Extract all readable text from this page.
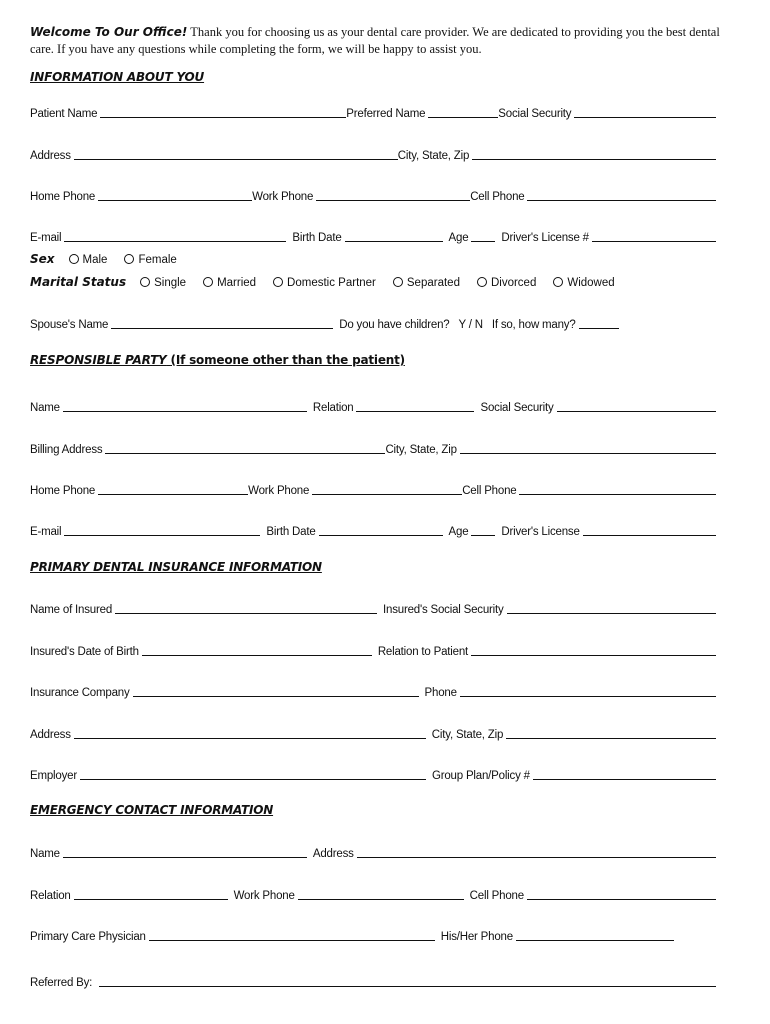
Welcome To Our Office! Thank you for choosing us as your dental care provider. We are dedicated to providing you the best dental care. If you have any questions while completing the form, we will be happy to assist you.
INFORMATION ABOUT YOU
Patient Name	Preferred Name	Social Security
Address	City, State, Zip
Home Phone	Work Phone	Cell Phone
E-mail	Birth Date	Age	Driver's License #
Sex	Male	Female
Marital Status	Single	Married	Domestic Partner	Separated	Divorced	Widowed
Spouse's Name	Do you have children? Y / N If so, how many?
RESPONSIBLE PARTY (If someone other than the patient)
Name	Relation	Social Security
Billing Address	City, State, Zip
Home Phone	Work Phone	Cell Phone
E-mail	Birth Date	Age	Driver's License
PRIMARY DENTAL INSURANCE INFORMATION
Name of Insured	Insured's Social Security
Insured's Date of Birth	Relation to Patient
Insurance Company	Phone
Address	City, State, Zip
Employer	Group Plan/Policy #
EMERGENCY CONTACT INFORMATION
Name	Address
Relation	Work Phone	Cell Phone
Primary Care Physician	His/Her Phone
Referred By:
